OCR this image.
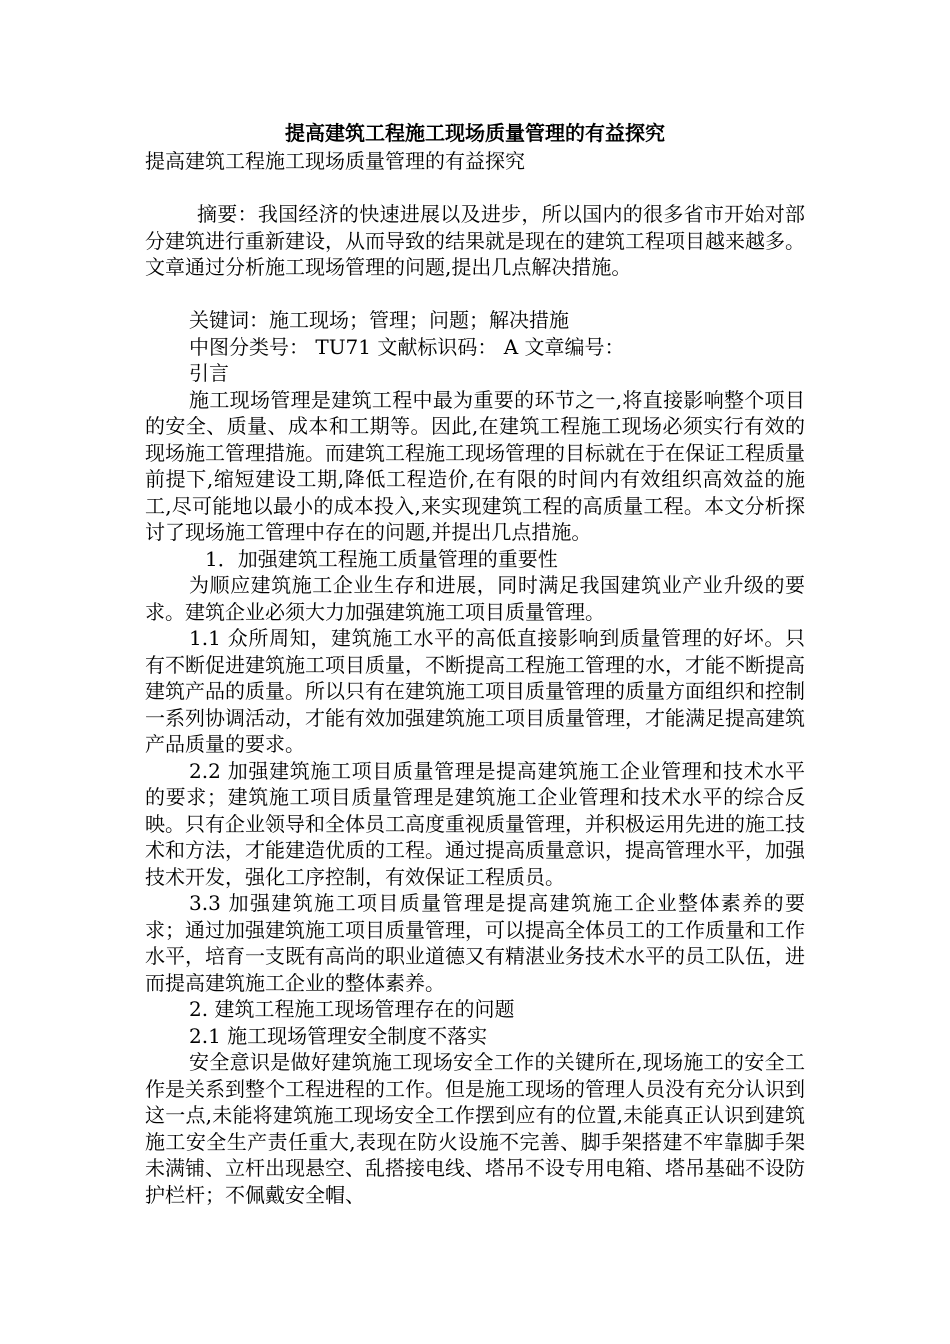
提高建筑工程施工现场质量管理的有益探究

提高建筑工程施工现场质量管理的有益探究

摘要：我国经济的快速进展以及进步，所以国内的很多省市开始对部分建筑进行重新建设，从而导致的结果就是现在的建筑工程项目越来越多。文章通过分析施工现场管理的问题,提出几点解决措施。

关键词：施工现场；管理；问题；解决措施

中图分类号： TU71 文献标识码： A 文章编号：

引言

施工现场管理是建筑工程中最为重要的环节之一,将直接影响整个项目的安全、质量、成本和工期等。因此,在建筑工程施工现场必须实行有效的现场施工管理措施。而建筑工程施工现场管理的目标就在于在保证工程质量前提下,缩短建设工期,降低工程造价,在有限的时间内有效组织高效益的施工,尽可能地以最小的成本投入,来实现建筑工程的高质量工程。本文分析探讨了现场施工管理中存在的问题,并提出几点措施。

1．加强建筑工程施工质量管理的重要性

为顺应建筑施工企业生存和进展，同时满足我国建筑业产业升级的要求。建筑企业必须大力加强建筑施工项目质量管理。

1.1 众所周知，建筑施工水平的高低直接影响到质量管理的好坏。只有不断促进建筑施工项目质量，不断提高工程施工管理的水，才能不断提高建筑产品的质量。所以只有在建筑施工项目质量管理的质量方面组织和控制一系列协调活动，才能有效加强建筑施工项目质量管理，才能满足提高建筑产品质量的要求。

2.2 加强建筑施工项目质量管理是提高建筑施工企业管理和技术水平的要求；建筑施工项目质量管理是建筑施工企业管理和技术水平的综合反映。只有企业领导和全体员工高度重视质量管理，并积极运用先进的施工技术和方法，才能建造优质的工程。通过提高质量意识，提高管理水平，加强技术开发，强化工序控制，有效保证工程质员。

3.3 加强建筑施工项目质量管理是提高建筑施工企业整体素养的要求；通过加强建筑施工项目质量管理，可以提高全体员工的工作质量和工作水平，培育一支既有高尚的职业道德又有精湛业务技术水平的员工队伍，进而提高建筑施工企业的整体素养。

2. 建筑工程施工现场管理存在的问题

2.1 施工现场管理安全制度不落实

安全意识是做好建筑施工现场安全工作的关键所在,现场施工的安全工作是关系到整个工程进程的工作。但是施工现场的管理人员没有充分认识到这一点,未能将建筑施工现场安全工作摆到应有的位置,未能真正认识到建筑施工安全生产责任重大,表现在防火设施不完善、脚手架搭建不牢靠脚手架未满铺、立杆出现悬空、乱搭接电线、塔吊不设专用电箱、塔吊基础不设防护栏杆；不佩戴安全帽、
